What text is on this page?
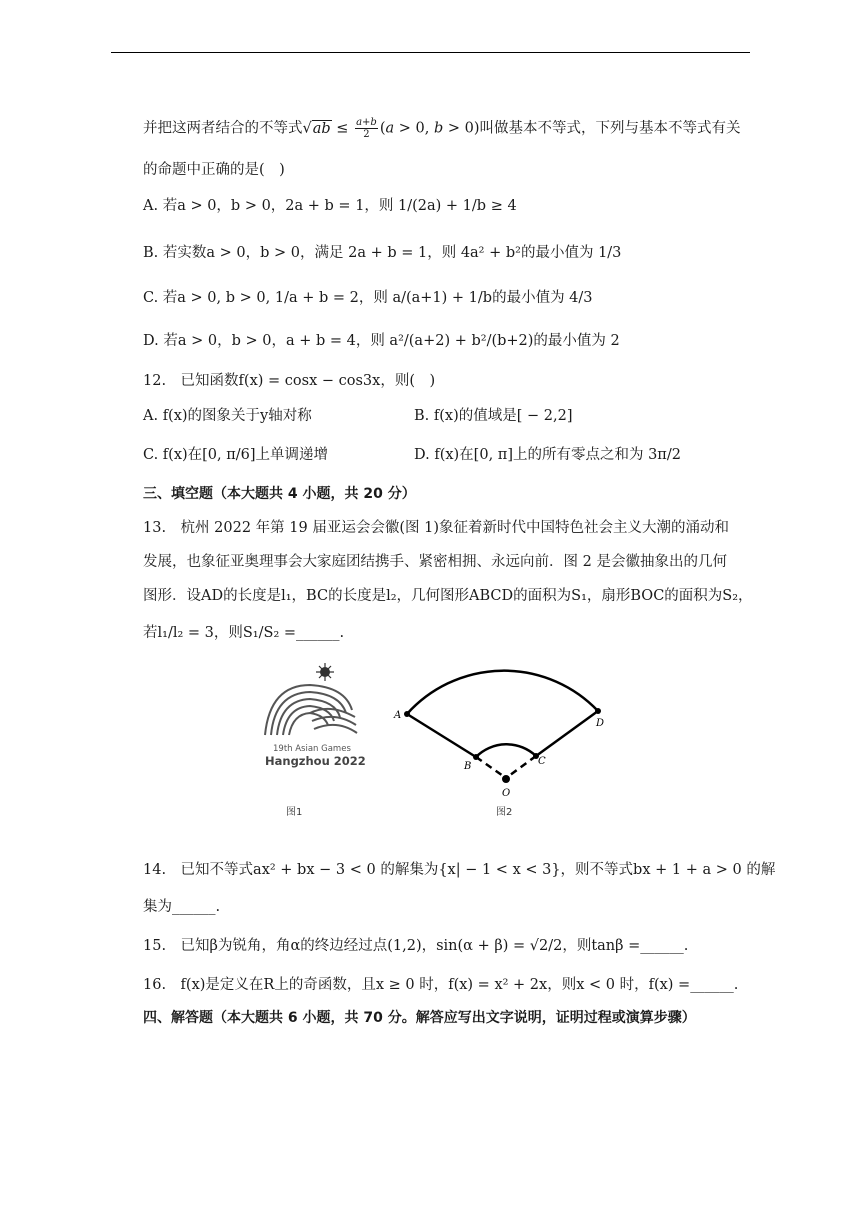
并把这两者结合的不等式$√ab \le \frac{a+b}{2} (a > 0$, b > 0)叫做基本不等式，下列与基本不等式有关
的命题中正确的是(　)
A. 若a > 0，b > 0，2a + b = 1，则 1/(2a) + 1/b ≥ 4
B. 若实数a > 0，b > 0，满足 2a + b = 1，则 4a² + b²的最小值为 1/3
C. 若a > 0, b > 0, 1/a + b = 2，则 a/(a+1) + 1/b的最小值为 4/3
D. 若a > 0，b > 0，a + b = 4，则 a²/(a+2) + b²/(b+2)的最小值为 2
12.　已知函数f(x) = cosx − cos3x，则(　)
A. f(x)的图象关于y轴对称	B. f(x)的值域是[ − 2,2]
C. f(x)在[0, π/6]上单调递增	D. f(x)在[0, π]上的所有零点之和为 3π/2
三、填空题（本大题共 4 小题，共 20 分）
13.　杭州 2022 年第 19 届亚运会会徽(图 1)象征着新时代中国特色社会主义大潮的涌动和
发展，也象征亚奥理事会大家庭团结携手、紧密相拥、永远向前．图 2 是会徽抽象出的几何
图形．设AD的长度是l₁，BC的长度是l₂，几何图形ABCD的面积为S₁，扇形BOC的面积为S₂，
若l₁/l₂ = 3，则S₁/S₂ =______.
19th Asian Games
Hangzhou 2022
图1
A
D
B	C
O
图2
14.　已知不等式ax² + bx − 3 < 0 的解集为{x| − 1 < x < 3}，则不等式bx + 1 + a > 0 的解
集为______.
15.　已知β为锐角，角α的终边经过点(1,2)，sin(α + β) = √2/2，则tanβ =______.
16.　f(x)是定义在R上的奇函数，且x ≥ 0 时，f(x) = x² + 2x，则x < 0 时，f(x) =______.
四、解答题（本大题共 6 小题，共 70 分。解答应写出文字说明，证明过程或演算步骤）
